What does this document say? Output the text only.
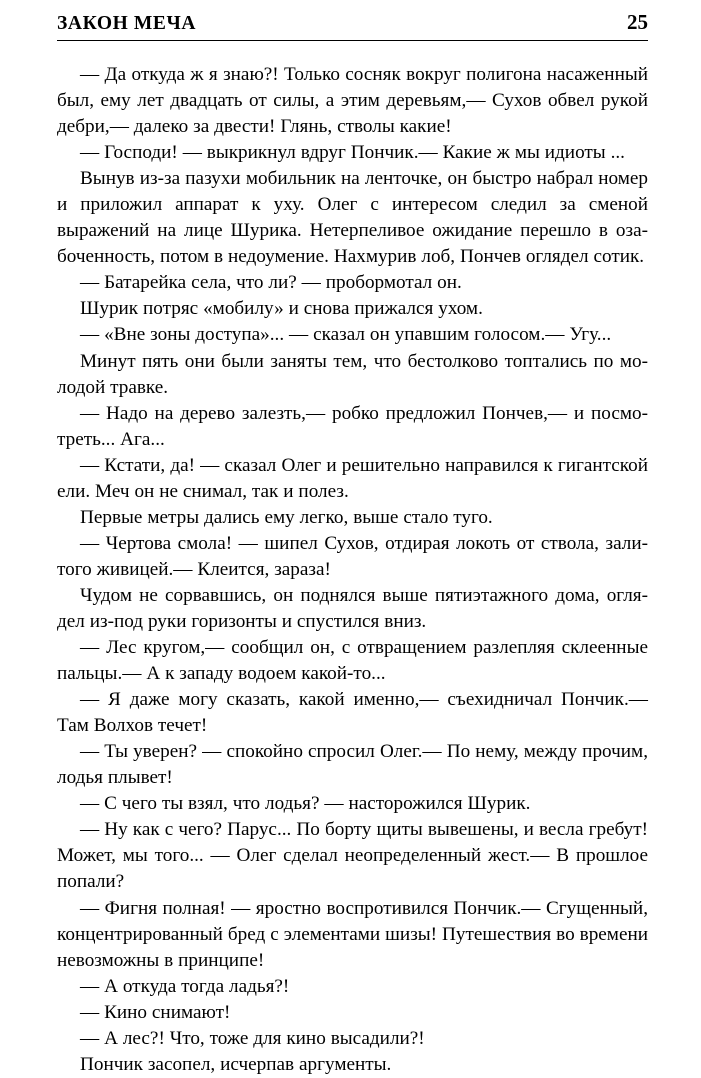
ЗАКОН МЕЧА	25

— Да откуда ж я знаю?! Только сосняк вокруг полигона насаженный был, ему лет двадцать от силы, а этим деревьям,— Сухов обвел рукой дебри,— далеко за двести! Глянь, стволы какие!

— Господи! — выкрикнул вдруг Пончик.— Какие ж мы идиоты ...

Вынув из-за пазухи мобильник на ленточке, он быстро набрал номер и приложил аппарат к уху. Олег с интересом следил за сменой выражений на лице Шурика. Нетерпеливое ожидание перешло в озабоченность, потом в недоумение. Нахмурив лоб, Пончев оглядел сотик.

— Батарейка села, что ли? — пробормотал он.

Шурик потряс «мобилу» и снова прижался ухом.

— «Вне зоны доступа»... — сказал он упавшим голосом.— Угу...

Минут пять они были заняты тем, что бестолково топтались по молодой травке.

— Надо на дерево залезть,— робко предложил Пончев,— и посмотреть... Ага...

— Кстати, да! — сказал Олег и решительно направился к гигантской ели. Меч он не снимал, так и полез.

Первые метры дались ему легко, выше стало туго.

— Чертова смола! — шипел Сухов, отдирая локоть от ствола, залитого живицей.— Клеится, зараза!

Чудом не сорвавшись, он поднялся выше пятиэтажного дома, оглядел из-под руки горизонты и спустился вниз.

— Лес кругом,— сообщил он, с отвращением разлепляя склеенные пальцы.— А к западу водоем какой-то...

— Я даже могу сказать, какой именно,— съехидничал Пончик.— Там Волхов течет!

— Ты уверен? — спокойно спросил Олег.— По нему, между прочим, лодья плывет!

— С чего ты взял, что лодья? — насторожился Шурик.

— Ну как с чего? Парус... По борту щиты вывешены, и весла гребут! Может, мы того... — Олег сделал неопределенный жест.— В прошлое попали?

— Фигня полная! — яростно воспротивился Пончик.— Сгущенный, концентрированный бред с элементами шизы! Путешествия во времени невозможны в принципе!

— А откуда тогда ладья?!

— Кино снимают!

— А лес?! Что, тоже для кино высадили?!

Пончик засопел, исчерпав аргументы.
